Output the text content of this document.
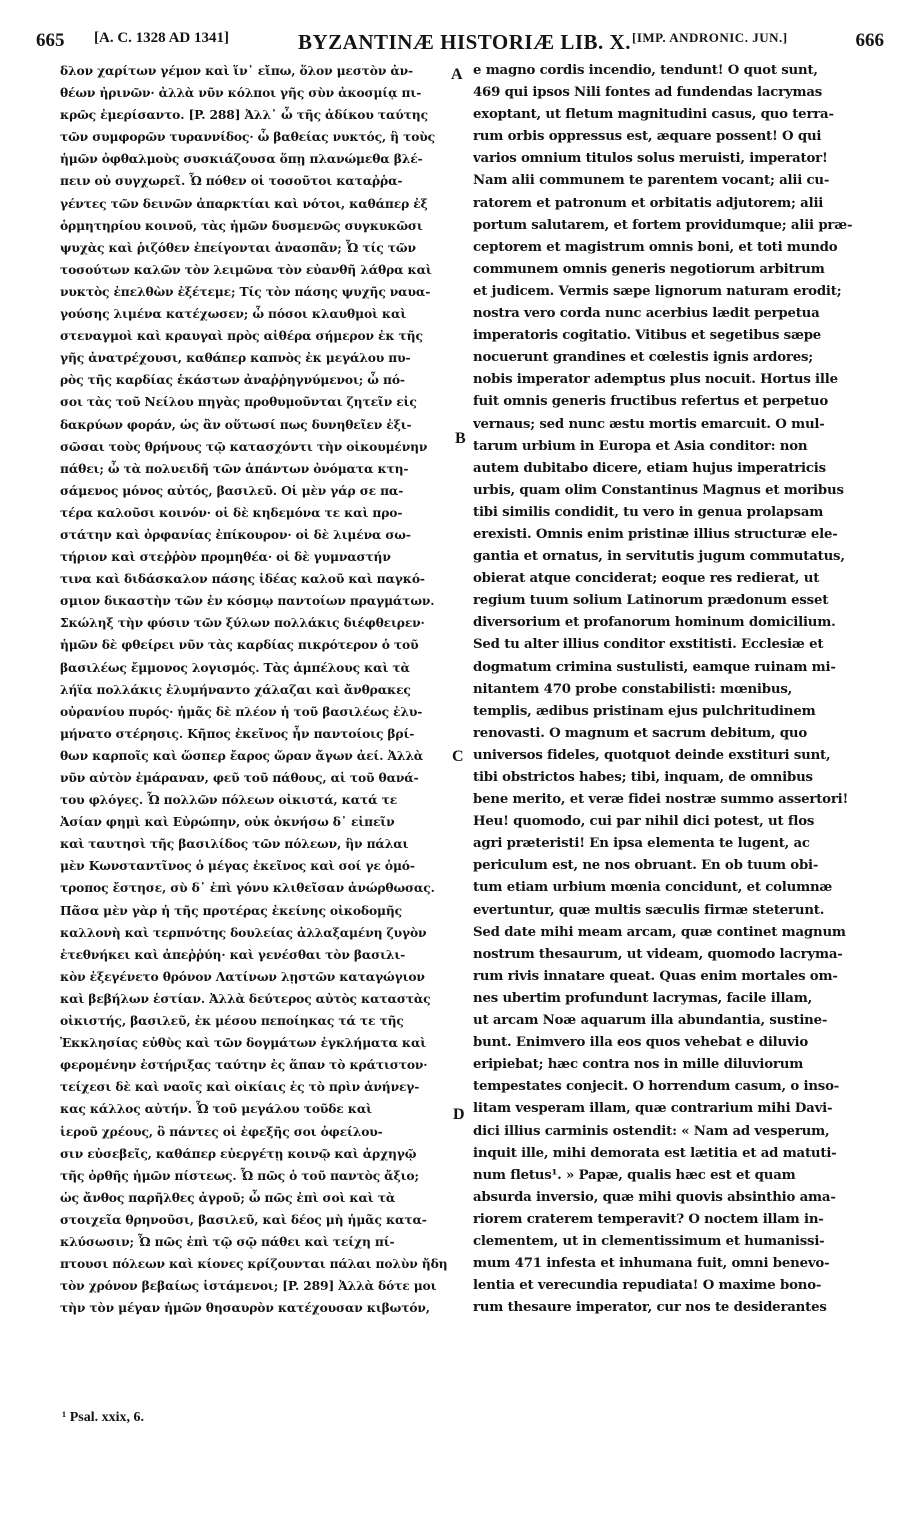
665 [A. C. 1328 AD 1341]	BYZANTINÆ HISTORIÆ LIB. X. [IMP. ANDRONIC. JUN.]	666
δλον χαρίτων γέμον καὶ ἵν᾽ εἴπω, ὅλον μεστὸν ἀν-
θέων ἠρινῶν· ἀλλὰ νῦν κόλποι γῆς σὺν ἀκοσμίᾳ πι-
κρῶς ἐμερίσαντο. [P. 288] Ἀλλ᾽ ὦ τῆς ἀδίκου ταύτης
τῶν συμφορῶν τυραννίδος· ὦ βαθείας νυκτός, ἣ τοὺς
ἡμῶν ὀφθαλμοὺς συσκιάζουσα ὅπῃ πλανώμεθα βλέ-
πειν οὐ συγχωρεῖ. Ὦ πόθεν οἱ τοσοῦτοι καταῤῥα-
γέντες τῶν δεινῶν ἀπαρκτίαι καὶ νότοι, καθάπερ ἐξ
ὁρμητηρίου κοινοῦ, τὰς ἡμῶν δυσμενῶς συγκυκῶσι
ψυχὰς καὶ ῥιζόθεν ἐπείγονται ἀνασπᾶν; Ὦ τίς τῶν
τοσούτων καλῶν τὸν λειμῶνα τὸν εὐανθῆ λάθρα καὶ
νυκτὸς ἐπελθὼν ἐξέτεμε; Τίς τὸν πάσης ψυχῆς ναυα-
γούσης λιμένα κατέχωσεν; ὦ πόσοι κλαυθμοὶ καὶ
στεναγμοὶ καὶ κραυγαὶ πρὸς αἰθέρα σήμερον ἐκ τῆς
γῆς ἀνατρέχουσι, καθάπερ καπνὸς ἐκ μεγάλου πυ-
ρὸς τῆς καρδίας ἑκάστων ἀναῤῥηγνύμενοι; ὦ πό-
σοι τὰς τοῦ Νείλου πηγὰς προθυμοῦνται ζητεῖν εἰς
δακρύων φοράν, ὡς ἂν οὕτωσί πως δυνηθεῖεν ἐξι-
σῶσαι τοὺς θρήνους τῷ κατασχόντι τὴν οἰκουμένην
πάθει; ὦ τὰ πολυειδῆ τῶν ἁπάντων ὀνόματα κτη-
σάμενος μόνος αὐτός, βασιλεῦ. Οἱ μὲν γάρ σε πα-
τέρα καλοῦσι κοινόν· οἱ δὲ κηδεμόνα τε καὶ προ-
στάτην καὶ ὀρφανίας ἐπίκουρον· οἱ δὲ λιμένα σω-
τήριον καὶ στεῤῥὸν προμηθέα· οἱ δὲ γυμναστήν
τινα καὶ διδάσκαλον πάσης ἰδέας καλοῦ καὶ παγκό-
σμιον δικαστὴν τῶν ἐν κόσμῳ παντοίων πραγμάτων.
Σκώληξ τὴν φύσιν τῶν ξύλων πολλάκις διέφθειρεν·
ἡμῶν δὲ φθείρει νῦν τὰς καρδίας πικρότερον ὁ τοῦ
βασιλέως ἔμμονος λογισμός. Τὰς ἀμπέλους καὶ τὰ
λήϊα πολλάκις ἐλυμήναντο χάλαζαι καὶ ἄνθρακες
οὐρανίου πυρός· ἡμᾶς δὲ πλέον ἡ τοῦ βασιλέως ἐλυ-
μήνατο στέρησις. Κῆπος ἐκεῖνος ἦν παντοίοις βρί-
θων καρποῖς καὶ ὥσπερ ἔαρος ὥραν ἄγων ἀεί. Ἀλλὰ
νῦν αὐτὸν ἐμάραναν, φεῦ τοῦ πάθους, αἱ τοῦ θανά-
του φλόγες. Ὦ πολλῶν πόλεων οἰκιστά, κατά τε
Ἀσίαν φημὶ καὶ Εὐρώπην, οὐκ ὀκνήσω δ᾽ εἰπεῖν
καὶ ταυτησὶ τῆς βασιλίδος τῶν πόλεων, ἣν πάλαι
μὲν Κωνσταντῖνος ὁ μέγας ἐκεῖνος καὶ σοί γε ὁμό-
τροπος ἔστησε, σὺ δ᾽ ἐπὶ γόνυ κλιθεῖσαν ἀνώρθωσας.
Πᾶσα μὲν γὰρ ἡ τῆς προτέρας ἐκείνης οἰκοδομῆς
καλλονὴ καὶ τερπνότης δουλείας ἀλλαξαμένη ζυγὸν
ἐτεθνήκει καὶ ἀπεῤῥύη· καὶ γενέσθαι τὸν βασιλι-
κὸν ἐξεγένετο θρόνον Λατίνων λῃστῶν καταγώγιον
καὶ βεβήλων ἑστίαν. Ἀλλὰ δεύτερος αὐτὸς καταστὰς
οἰκιστής, βασιλεῦ, ἐκ μέσου πεποίηκας τά τε τῆς
Ἐκκλησίας εὐθὺς καὶ τῶν δογμάτων ἐγκλήματα καὶ
φερομένην ἐστήριξας ταύτην ἐς ἅπαν τὸ κράτιστον·
τείχεσι δὲ καὶ ναοῖς καὶ οἰκίαις ἐς τὸ πρὶν ἀνήνεγ-
κας κάλλος αὐτήν. Ὦ τοῦ μεγάλου τοῦδε καὶ
ἱεροῦ χρέους, ὃ πάντες οἱ ἐφεξῆς σοι ὀφείλου-
σιν εὐσεβεῖς, καθάπερ εὐεργέτῃ κοινῷ καὶ ἀρχηγῷ
τῆς ὀρθῆς ἡμῶν πίστεως. Ὦ πῶς ὁ τοῦ παντὸς ἄξιο;
ὡς ἄνθος παρῆλθες ἀγροῦ; ὦ πῶς ἐπὶ σοὶ καὶ τὰ
στοιχεῖα θρηνοῦσι, βασιλεῦ, καὶ δέος μὴ ἡμᾶς κατα-
κλύσωσιν; Ὦ πῶς ἐπὶ τῷ σῷ πάθει καὶ τείχη πί-
πτουσι πόλεων καὶ κίονες κρίζουνται πάλαι πολὺν ἤδη
τὸν χρόνον βεβαίως ἱστάμενοι; [P. 289] Ἀλλὰ δότε μοι
τὴν τὸν μέγαν ἡμῶν θησαυρὸν κατέχουσαν κιβωτόν,
e magno cordis incendio, tendunt! O quot sunt,
469 qui ipsos Nili fontes ad fundendas lacrymas
exoptant, ut fletum magnitudini casus, quo terra-
rum orbis oppressus est, æquare possent! O qui
varios omnium titulos solus meruisti, imperator!
Nam alii communem te parentem vocant; alii cu-
ratorem et patronum et orbitatis adjutorem; alii
portum salutarem, et fortem providumque; alii præ-
ceptorem et magistrum omnis boni, et toti mundo
communem omnis generis negotiorum arbitrum
et judicem. Vermis sæpe lignorum naturam erodit;
nostra vero corda nunc acerbius lædit perpetua
imperatoris cogitatio. Vitibus et segetibus sæpe
nocuerunt grandines et cœlestis ignis ardores;
nobis imperator ademptus plus nocuit. Hortus ille
fuit omnis generis fructibus refertus et perpetuo
vernaus; sed nunc æstu mortis emarcuit. O mul-
tarum urbium in Europa et Asia conditor: non
autem dubitabo dicere, etiam hujus imperatricis
urbis, quam olim Constantinus Magnus et moribus
tibi similis condidit, tu vero in genua prolapsam
erexisti. Omnis enim pristinæ illius structuræ ele-
gantia et ornatus, in servitutis jugum commutatus,
obierat atque conciderat; eoque res redierat, ut
regium tuum solium Latinorum prædonum esset
diversorium et profanorum hominum domicilium.
Sed tu alter illius conditor exstitisti. Ecclesiæ et
dogmatum crimina sustulisti, eamque ruinam mi-
nitantem 470 probe constabilisti: mœnibus,
templis, ædibus pristinam ejus pulchritudinem
renovasti. O magnum et sacrum debitum, quo
universos fideles, quotquot deinde exstituri sunt,
tibi obstrictos habes; tibi, inquam, de omnibus
bene merito, et veræ fidei nostræ summo assertori!
Heu! quomodo, cui par nihil dici potest, ut flos
agri præteristi! En ipsa elementa te lugent, ac
periculum est, ne nos obruant. En ob tuum obi-
tum etiam urbium mœnia concidunt, et columnæ
evertuntur, quæ multis sæculis firmæ steterunt.
Sed date mihi meam arcam, quæ continet magnum
nostrum thesaurum, ut videam, quomodo lacryma-
rum rivis innatare queat. Quas enim mortales om-
nes ubertim profundunt lacrymas, facile illam,
ut arcam Noæ aquarum illa abundantia, sustine-
bunt. Enimvero illa eos quos vehebat e diluvio
eripiebat; hæc contra nos in mille diluviorum
tempestates conjecit. O horrendum casum, o inso-
litam vesperam illam, quæ contrarium mihi Davi-
dici illius carminis ostendit: « Nam ad vesperum,
inquit ille, mihi demorata est lætitia et ad matuti-
num fletus¹. » Papæ, qualis hæc est et quam
absurda inversio, quæ mihi quovis absinthio ama-
riorem craterem temperavit? O noctem illam in-
clementem, ut in clementissimum et humanissi-
mum 471 infesta et inhumana fuit, omni benevo-
lentia et verecundia repudiata! O maxime bono-
rum thesaure imperator, cur nos te desiderantes
A
B
C
D
¹ Psal. xxix, 6.
